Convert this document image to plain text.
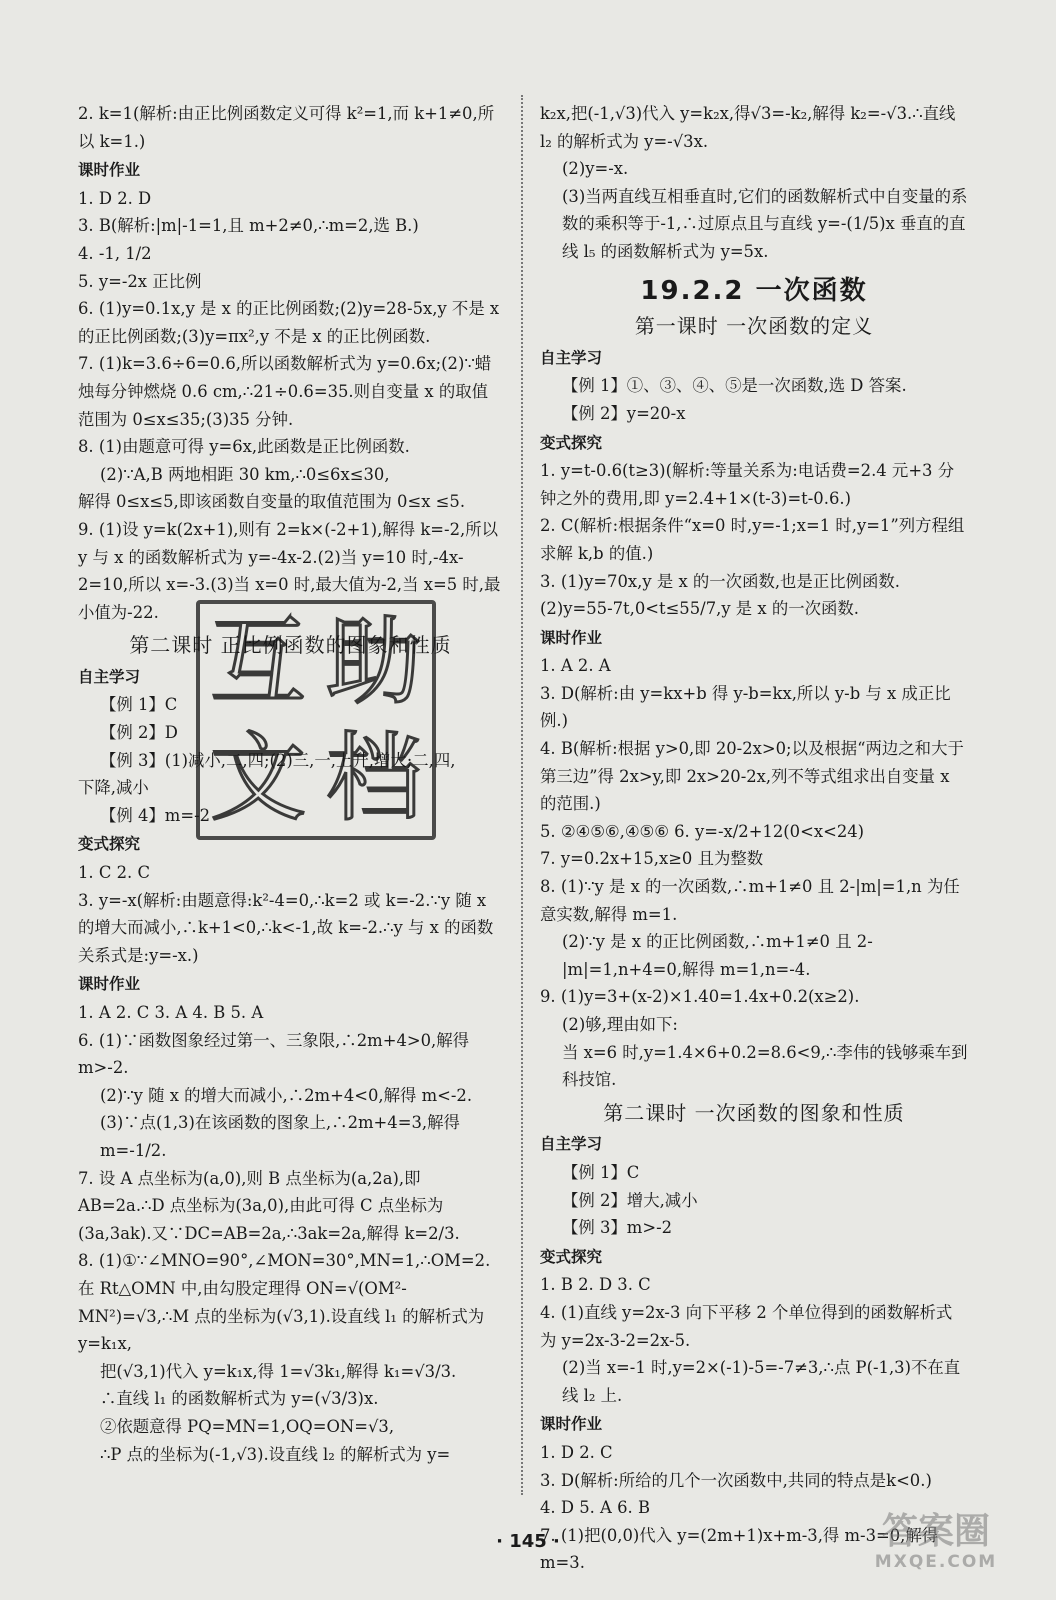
2. k=1(解析:由正比例函数定义可得 k²=1,而 k+1≠0,所以 k=1.)
课时作业
1. D 2. D
3. B(解析:|m|-1=1,且 m+2≠0,∴m=2,选 B.)
4. -1, 1/2
5. y=-2x 正比例
6. (1)y=0.1x,y 是 x 的正比例函数;(2)y=28-5x,y 不是 x 的正比例函数;(3)y=πx²,y 不是 x 的正比例函数.
7. (1)k=3.6÷6=0.6,所以函数解析式为 y=0.6x;(2)∵蜡烛每分钟燃烧 0.6 cm,∴21÷0.6=35.则自变量 x 的取值范围为 0≤x≤35;(3)35 分钟.
8. (1)由题意可得 y=6x,此函数是正比例函数.
(2)∵A,B 两地相距 30 km,∴0≤6x≤30,
解得 0≤x≤5,即该函数自变量的取值范围为 0≤x ≤5.
9. (1)设 y=k(2x+1),则有 2=k×(-2+1),解得 k=-2,所以 y 与 x 的函数解析式为 y=-4x-2.(2)当 y=10 时,-4x-2=10,所以 x=-3.(3)当 x=0 时,最大值为-2,当 x=5 时,最小值为-22.
第二课时 正比例函数的图象和性质
自主学习
【例 1】C
【例 2】D
【例 3】(1)减小,二,四;(2)三,一,上升,增大;二,四,
下降,减小
【例 4】m=-2
变式探究
1. C 2. C
3. y=-x(解析:由题意得:k²-4=0,∴k=2 或 k=-2.∵y 随 x 的增大而减小,∴k+1<0,∴k<-1,故 k=-2.∴y 与 x 的函数关系式是:y=-x.)
课时作业
1. A 2. C 3. A 4. B 5. A
6. (1)∵函数图象经过第一、三象限,∴2m+4>0,解得 m>-2.
(2)∵y 随 x 的增大而减小,∴2m+4<0,解得 m<-2.
(3)∵点(1,3)在该函数的图象上,∴2m+4=3,解得 m=-1/2.
7. 设 A 点坐标为(a,0),则 B 点坐标为(a,2a),即 AB=2a.∴D 点坐标为(3a,0),由此可得 C 点坐标为(3a,3ak).又∵DC=AB=2a,∴3ak=2a,解得 k=2/3.
8. (1)①∵∠MNO=90°,∠MON=30°,MN=1,∴OM=2.在 Rt△OMN 中,由勾股定理得 ON=√(OM²-MN²)=√3,∴M 点的坐标为(√3,1).设直线 l₁ 的解析式为 y=k₁x,
把(√3,1)代入 y=k₁x,得 1=√3k₁,解得 k₁=√3/3.
∴直线 l₁ 的函数解析式为 y=(√3/3)x.
②依题意得 PQ=MN=1,OQ=ON=√3,
∴P 点的坐标为(-1,√3).设直线 l₂ 的解析式为 y=
k₂x,把(-1,√3)代入 y=k₂x,得√3=-k₂,解得 k₂=-√3.∴直线 l₂ 的解析式为 y=-√3x.
(2)y=-x.
(3)当两直线互相垂直时,它们的函数解析式中自变量的系数的乘积等于-1,∴过原点且与直线 y=-(1/5)x 垂直的直线 l₅ 的函数解析式为 y=5x.
19.2.2 一次函数
第一课时 一次函数的定义
自主学习
【例 1】①、③、④、⑤是一次函数,选 D 答案.
【例 2】y=20-x
变式探究
1. y=t-0.6(t≥3)(解析:等量关系为:电话费=2.4 元+3 分钟之外的费用,即 y=2.4+1×(t-3)=t-0.6.)
2. C(解析:根据条件“x=0 时,y=-1;x=1 时,y=1”列方程组求解 k,b 的值.)
3. (1)y=70x,y 是 x 的一次函数,也是正比例函数.(2)y=55-7t,0<t≤55/7,y 是 x 的一次函数.
课时作业
1. A 2. A
3. D(解析:由 y=kx+b 得 y-b=kx,所以 y-b 与 x 成正比例.)
4. B(解析:根据 y>0,即 20-2x>0;以及根据“两边之和大于第三边”得 2x>y,即 2x>20-2x,列不等式组求出自变量 x 的范围.)
5. ②④⑤⑥,④⑤⑥ 6. y=-x/2+12(0<x<24)
7. y=0.2x+15,x≥0 且为整数
8. (1)∵y 是 x 的一次函数,∴m+1≠0 且 2-|m|=1,n 为任意实数,解得 m=1.
(2)∵y 是 x 的正比例函数,∴m+1≠0 且 2-|m|=1,n+4=0,解得 m=1,n=-4.
9. (1)y=3+(x-2)×1.40=1.4x+0.2(x≥2).
(2)够,理由如下:
当 x=6 时,y=1.4×6+0.2=8.6<9,∴李伟的钱够乘车到科技馆.
第二课时 一次函数的图象和性质
自主学习
【例 1】C
【例 2】增大,减小
【例 3】m>-2
变式探究
1. B 2. D 3. C
4. (1)直线 y=2x-3 向下平移 2 个单位得到的函数解析式为 y=2x-3-2=2x-5.
(2)当 x=-1 时,y=2×(-1)-5=-7≠3,∴点 P(-1,3)不在直线 l₂ 上.
课时作业
1. D 2. C
3. D(解析:所给的几个一次函数中,共同的特点是k<0.)
4. D 5. A 6. B
7. (1)把(0,0)代入 y=(2m+1)x+m-3,得 m-3=0,解得 m=3.
互 助
文 档
· 145 ·	答案圈
MXQE.COM
